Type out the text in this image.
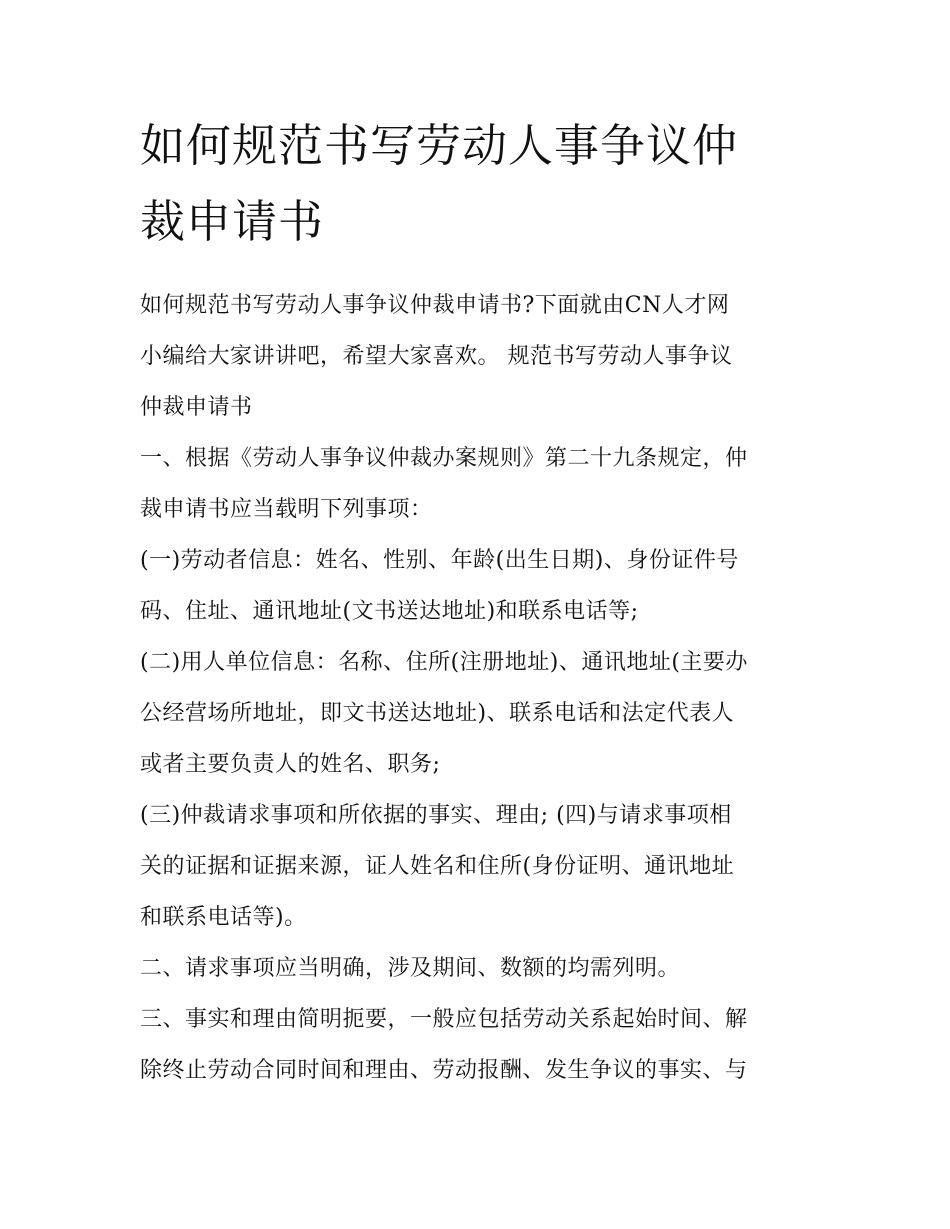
如何规范书写劳动人事争议仲
裁申请书
如何规范书写劳动人事争议仲裁申请书?下面就由CN人才网
小编给大家讲讲吧，希望大家喜欢。 规范书写劳动人事争议
仲裁申请书
一、根据《劳动人事争议仲裁办案规则》第二十九条规定，仲
裁申请书应当载明下列事项：
(一)劳动者信息：姓名、性别、年龄(出生日期)、身份证件号
码、住址、通讯地址(文书送达地址)和联系电话等;
(二)用人单位信息：名称、住所(注册地址)、通讯地址(主要办
公经营场所地址，即文书送达地址)、联系电话和法定代表人
或者主要负责人的姓名、职务;
(三)仲裁请求事项和所依据的事实、理由; (四)与请求事项相
关的证据和证据来源，证人姓名和住所(身份证明、通讯地址
和联系电话等)。
二、请求事项应当明确，涉及期间、数额的均需列明。
三、事实和理由简明扼要，一般应包括劳动关系起始时间、解
除终止劳动合同时间和理由、劳动报酬、发生争议的事实、与
